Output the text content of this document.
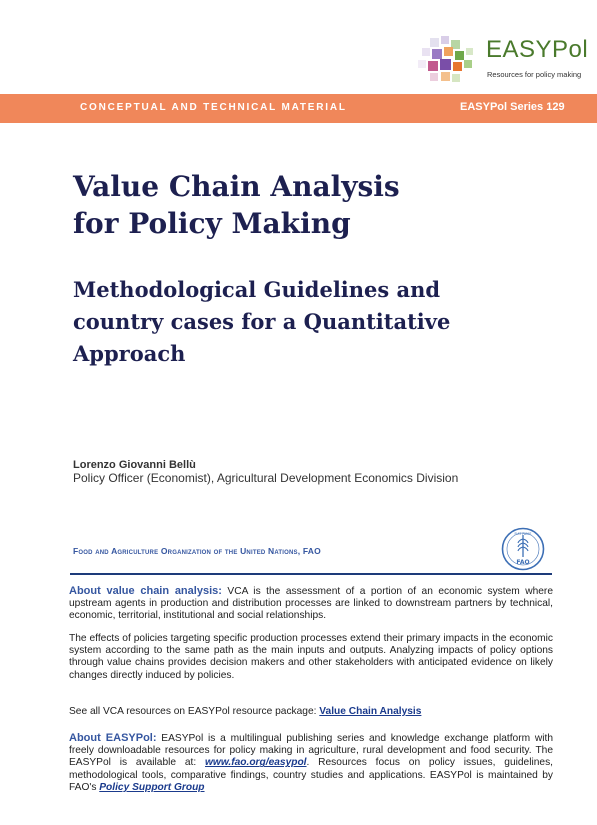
EASYPol
Resources for policy making
CONCEPTUAL AND TECHNICAL MATERIAL	EASYPol Series 129
Value Chain Analysis
for Policy Making
Methodological Guidelines and
country cases for a Quantitative
Approach
Lorenzo Giovanni Bellù
Policy Officer (Economist), Agricultural Development Economics Division
Food and Agriculture Organization of the United Nations, FAO
FAO
FIAT PANIS

About value chain analysis: VCA is the assessment of a portion of an economic system where upstream agents in production and distribution processes are linked to downstream partners by technical, economic, territorial, institutional and social relationships.

The effects of policies targeting specific production processes extend their primary impacts in the economic system according to the same path as the main inputs and outputs. Analyzing impacts of policy options through value chains provides decision makers and other stakeholders with anticipated evidence on likely changes directly induced by policies.

See all VCA resources on EASYPol resource package: Value Chain Analysis

About EASYPol: EASYPol is a multilingual publishing series and knowledge exchange platform with freely downloadable resources for policy making in agriculture, rural development and food security. The EASYPol is available at: www.fao.org/easypol. Resources focus on policy issues, guidelines, methodological tools, comparative findings, country studies and applications. EASYPol is maintained by FAO's Policy Support Group
